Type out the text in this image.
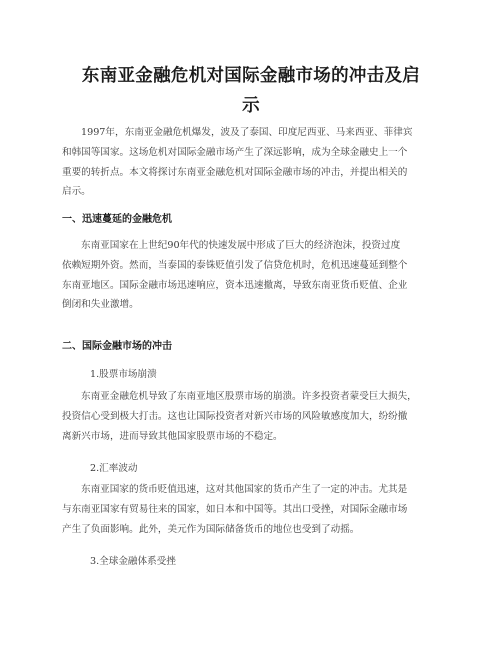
东南亚金融危机对国际金融市场的冲击及启
示
1997年，东南亚金融危机爆发，波及了泰国、印度尼西亚、马来西亚、菲律宾
和韩国等国家。这场危机对国际金融市场产生了深远影响，成为全球金融史上一个
重要的转折点。本文将探讨东南亚金融危机对国际金融市场的冲击，并提出相关的
启示。
一、迅速蔓延的金融危机
东南亚国家在上世纪90年代的快速发展中形成了巨大的经济泡沫，投资过度
依赖短期外资。然而，当泰国的泰铢贬值引发了信贷危机时，危机迅速蔓延到整个
东南亚地区。国际金融市场迅速响应，资本迅速撤离，导致东南亚货币贬值、企业
倒闭和失业激增。
二、国际金融市场的冲击
1.股票市场崩溃
东南亚金融危机导致了东南亚地区股票市场的崩溃。许多投资者蒙受巨大损失，
投资信心受到极大打击。这也让国际投资者对新兴市场的风险敏感度加大，纷纷撤
离新兴市场，进而导致其他国家股票市场的不稳定。
2.汇率波动
东南亚国家的货币贬值迅速，这对其他国家的货币产生了一定的冲击。尤其是
与东南亚国家有贸易往来的国家，如日本和中国等。其出口受挫，对国际金融市场
产生了负面影响。此外，美元作为国际储备货币的地位也受到了动摇。
3.全球金融体系受挫
